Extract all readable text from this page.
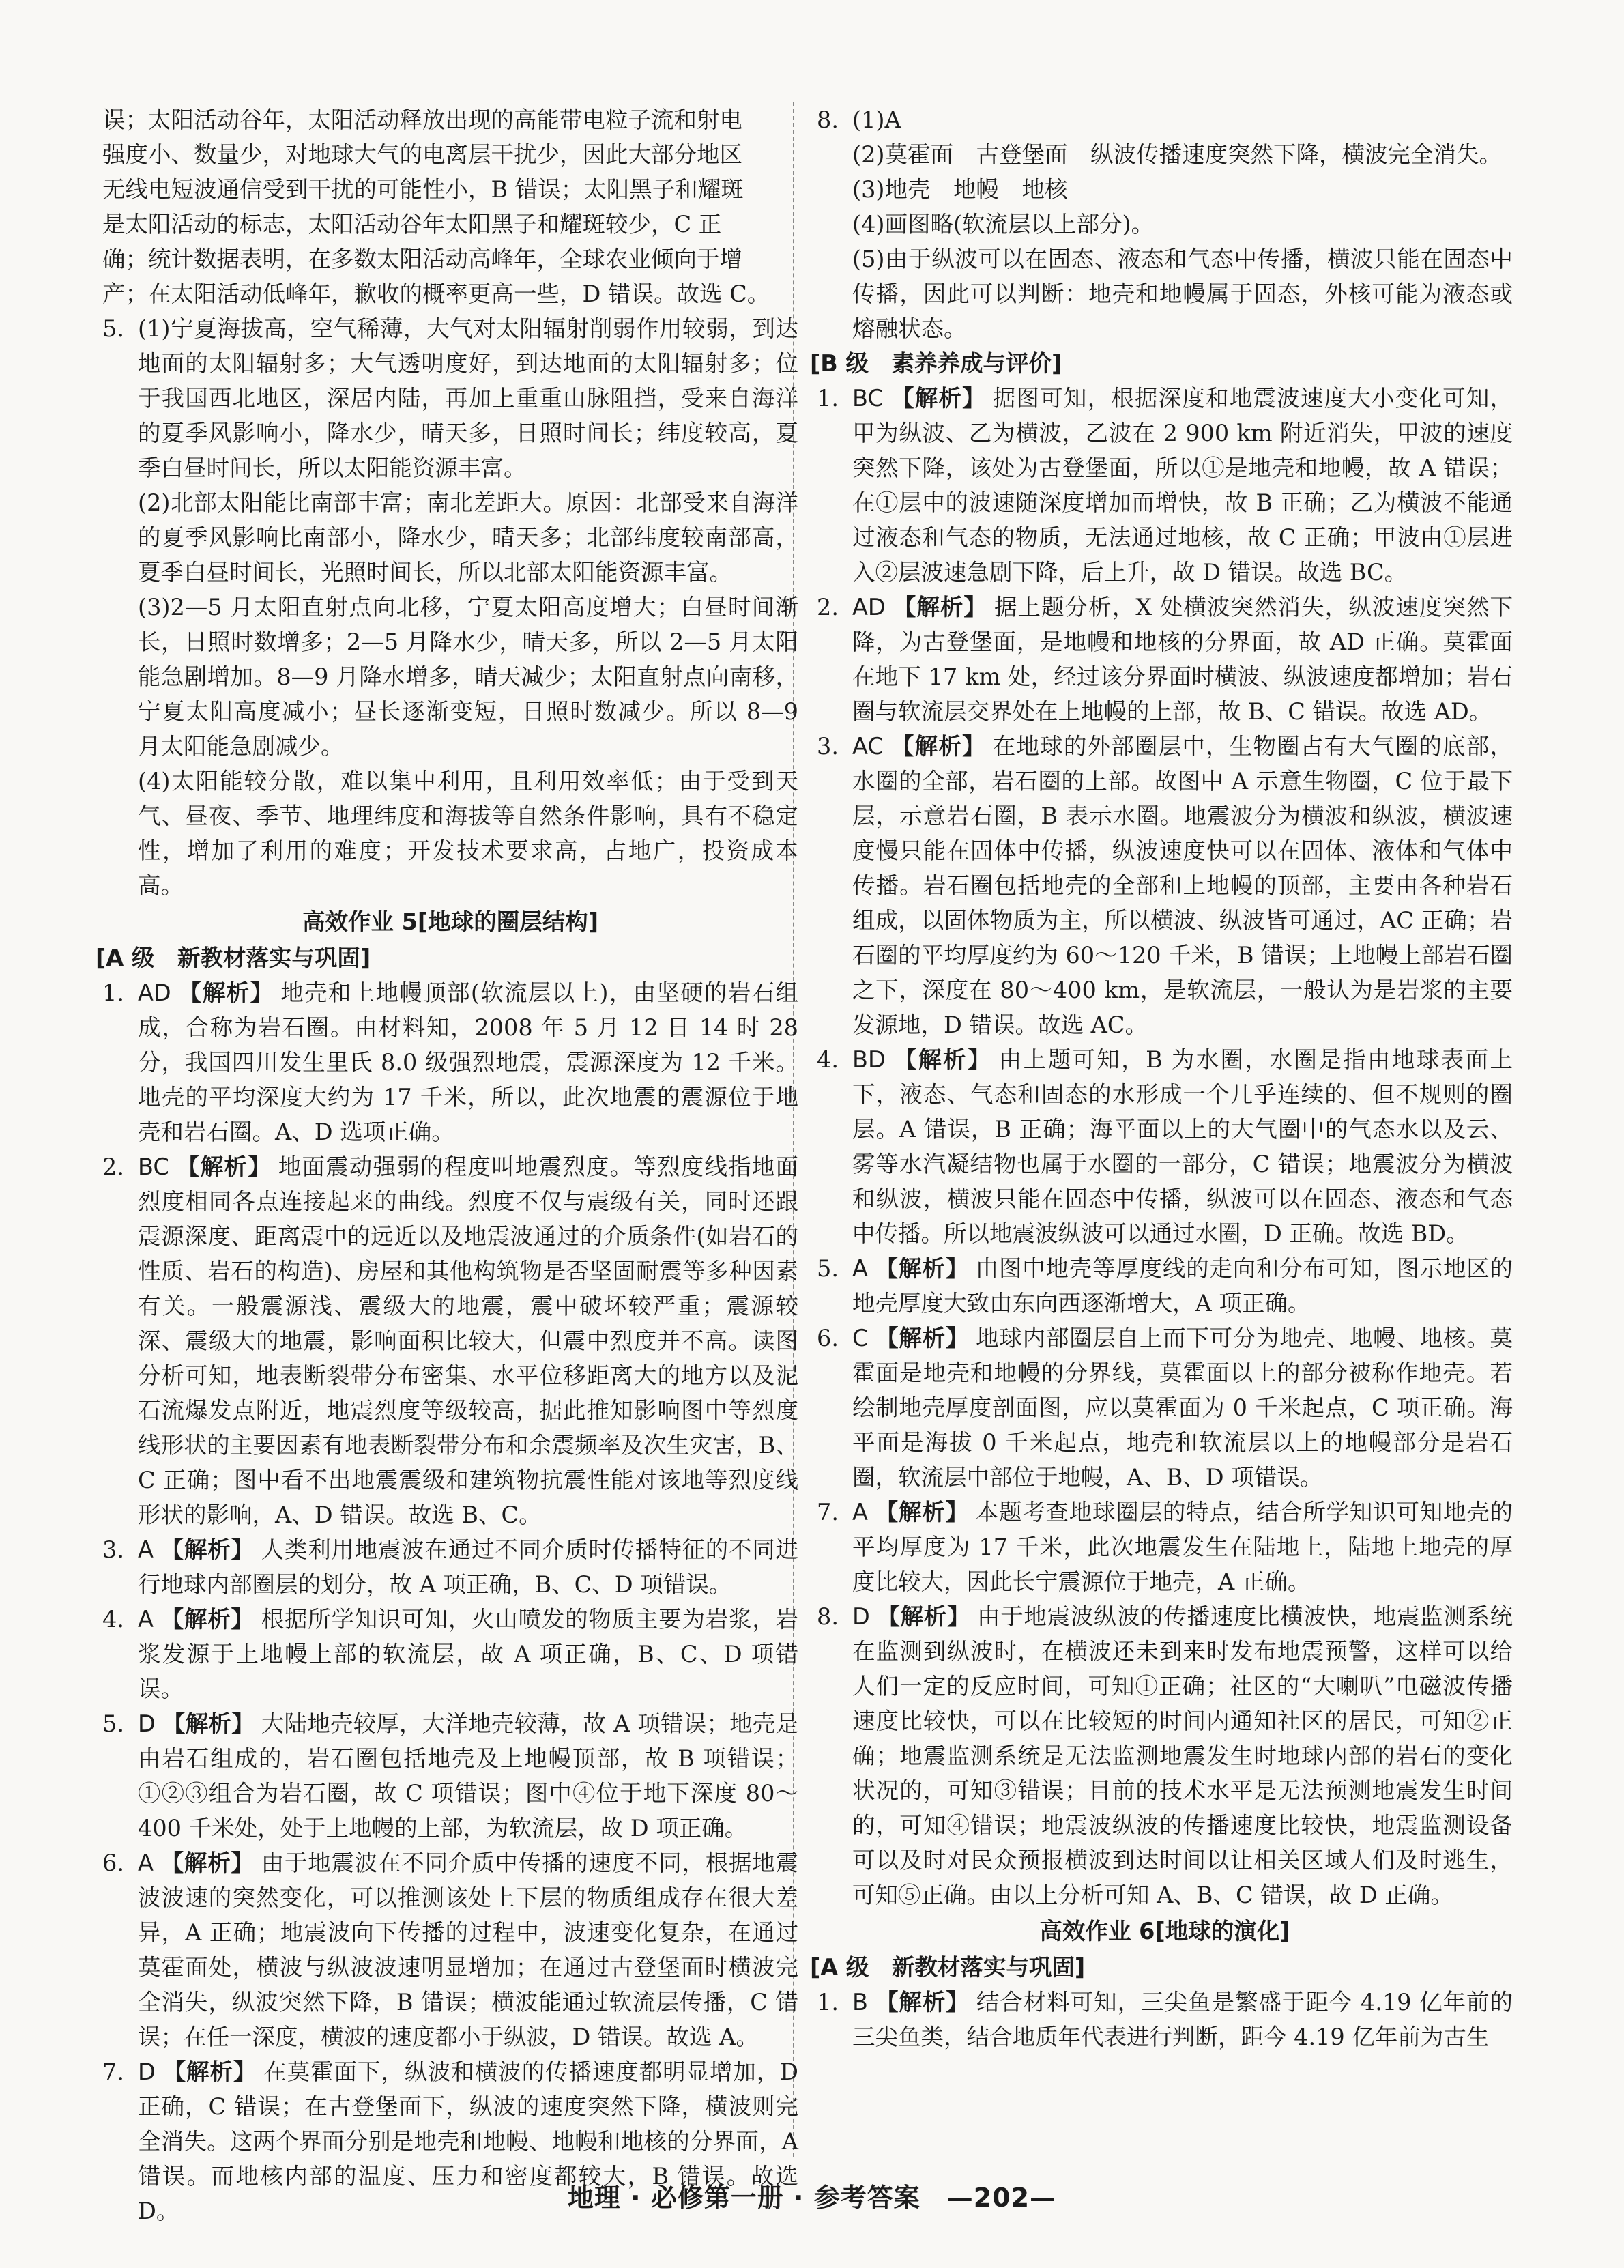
误；太阳活动谷年，太阳活动释放出现的高能带电粒子流和射电

强度小、数量少，对地球大气的电离层干扰少，因此大部分地区

无线电短波通信受到干扰的可能性小，B 错误；太阳黑子和耀斑

是太阳活动的标志，太阳活动谷年太阳黑子和耀斑较少，C 正

确；统计数据表明，在多数太阳活动高峰年，全球农业倾向于增

产；在太阳活动低峰年，歉收的概率更高一些，D 错误。故选 C。

5. (1)宁夏海拔高，空气稀薄，大气对太阳辐射削弱作用较弱，到达地面的太阳辐射多；大气透明度好，到达地面的太阳辐射多；位于我国西北地区，深居内陆，再加上重重山脉阻挡，受来自海洋的夏季风影响小，降水少，晴天多，日照时间长；纬度较高，夏季白昼时间长，所以太阳能资源丰富。
(2)北部太阳能比南部丰富；南北差距大。原因：北部受来自海洋的夏季风影响比南部小，降水少，晴天多；北部纬度较南部高，夏季白昼时间长，光照时间长，所以北部太阳能资源丰富。
(3)2—5 月太阳直射点向北移，宁夏太阳高度增大；白昼时间渐长，日照时数增多；2—5 月降水少，晴天多，所以 2—5 月太阳能急剧增加。8—9 月降水增多，晴天减少；太阳直射点向南移，宁夏太阳高度减小；昼长逐渐变短，日照时数减少。所以 8—9 月太阳能急剧减少。
(4)太阳能较分散，难以集中利用，且利用效率低；由于受到天气、昼夜、季节、地理纬度和海拔等自然条件影响，具有不稳定性，增加了利用的难度；开发技术要求高，占地广，投资成本高。
高效作业 5[地球的圈层结构]
[A 级　新教材落实与巩固]
1. AD 【解析】 地壳和上地幔顶部(软流层以上)，由坚硬的岩石组成，合称为岩石圈。由材料知，2008 年 5 月 12 日 14 时 28 分，我国四川发生里氏 8.0 级强烈地震，震源深度为 12 千米。地壳的平均深度大约为 17 千米，所以，此次地震的震源位于地壳和岩石圈。A、D 选项正确。
2. BC 【解析】 地面震动强弱的程度叫地震烈度。等烈度线指地面烈度相同各点连接起来的曲线。烈度不仅与震级有关，同时还跟震源深度、距离震中的远近以及地震波通过的介质条件(如岩石的性质、岩石的构造)、房屋和其他构筑物是否坚固耐震等多种因素有关。一般震源浅、震级大的地震，震中破坏较严重；震源较深、震级大的地震，影响面积比较大，但震中烈度并不高。读图分析可知，地表断裂带分布密集、水平位移距离大的地方以及泥石流爆发点附近，地震烈度等级较高，据此推知影响图中等烈度线形状的主要因素有地表断裂带分布和余震频率及次生灾害，B、C 正确；图中看不出地震震级和建筑物抗震性能对该地等烈度线形状的影响，A、D 错误。故选 B、C。
3. A 【解析】 人类利用地震波在通过不同介质时传播特征的不同进行地球内部圈层的划分，故 A 项正确，B、C、D 项错误。
4. A 【解析】 根据所学知识可知，火山喷发的物质主要为岩浆，岩浆发源于上地幔上部的软流层，故 A 项正确，B、C、D 项错误。
5. D 【解析】 大陆地壳较厚，大洋地壳较薄，故 A 项错误；地壳是由岩石组成的，岩石圈包括地壳及上地幔顶部，故 B 项错误；①②③组合为岩石圈，故 C 项错误；图中④位于地下深度 80～400 千米处，处于上地幔的上部，为软流层，故 D 项正确。
6. A 【解析】 由于地震波在不同介质中传播的速度不同，根据地震波波速的突然变化，可以推测该处上下层的物质组成存在很大差异，A 正确；地震波向下传播的过程中，波速变化复杂，在通过莫霍面处，横波与纵波波速明显增加；在通过古登堡面时横波完全消失，纵波突然下降，B 错误；横波能通过软流层传播，C 错误；在任一深度，横波的速度都小于纵波，D 错误。故选 A。
7. D 【解析】 在莫霍面下，纵波和横波的传播速度都明显增加，D 正确，C 错误；在古登堡面下，纵波的速度突然下降，横波则完全消失。这两个界面分别是地壳和地幔、地幔和地核的分界面，A 错误。而地核内部的温度、压力和密度都较大，B 错误。故选 D。
8. (1)A
(2)莫霍面　古登堡面　纵波传播速度突然下降，横波完全消失。
(3)地壳　地幔　地核
(4)画图略(软流层以上部分)。
(5)由于纵波可以在固态、液态和气态中传播，横波只能在固态中传播，因此可以判断：地壳和地幔属于固态，外核可能为液态或熔融状态。
[B 级　素养养成与评价]
1. BC 【解析】 据图可知，根据深度和地震波速度大小变化可知，甲为纵波、乙为横波，乙波在 2 900 km 附近消失，甲波的速度突然下降，该处为古登堡面，所以①是地壳和地幔，故 A 错误；在①层中的波速随深度增加而增快，故 B 正确；乙为横波不能通过液态和气态的物质，无法通过地核，故 C 正确；甲波由①层进入②层波速急剧下降，后上升，故 D 错误。故选 BC。
2. AD 【解析】 据上题分析，X 处横波突然消失，纵波速度突然下降，为古登堡面，是地幔和地核的分界面，故 AD 正确。莫霍面在地下 17 km 处，经过该分界面时横波、纵波速度都增加；岩石圈与软流层交界处在上地幔的上部，故 B、C 错误。故选 AD。
3. AC 【解析】 在地球的外部圈层中，生物圈占有大气圈的底部，水圈的全部，岩石圈的上部。故图中 A 示意生物圈，C 位于最下层，示意岩石圈，B 表示水圈。地震波分为横波和纵波，横波速度慢只能在固体中传播，纵波速度快可以在固体、液体和气体中传播。岩石圈包括地壳的全部和上地幔的顶部，主要由各种岩石组成，以固体物质为主，所以横波、纵波皆可通过，AC 正确；岩石圈的平均厚度约为 60～120 千米，B 错误；上地幔上部岩石圈之下，深度在 80～400 km，是软流层，一般认为是岩浆的主要发源地，D 错误。故选 AC。
4. BD 【解析】 由上题可知，B 为水圈，水圈是指由地球表面上下，液态、气态和固态的水形成一个几乎连续的、但不规则的圈层。A 错误，B 正确；海平面以上的大气圈中的气态水以及云、雾等水汽凝结物也属于水圈的一部分，C 错误；地震波分为横波和纵波，横波只能在固态中传播，纵波可以在固态、液态和气态中传播。所以地震波纵波可以通过水圈，D 正确。故选 BD。
5. A 【解析】 由图中地壳等厚度线的走向和分布可知，图示地区的地壳厚度大致由东向西逐渐增大，A 项正确。
6. C 【解析】 地球内部圈层自上而下可分为地壳、地幔、地核。莫霍面是地壳和地幔的分界线，莫霍面以上的部分被称作地壳。若绘制地壳厚度剖面图，应以莫霍面为 0 千米起点，C 项正确。海平面是海拔 0 千米起点，地壳和软流层以上的地幔部分是岩石圈，软流层中部位于地幔，A、B、D 项错误。
7. A 【解析】 本题考查地球圈层的特点，结合所学知识可知地壳的平均厚度为 17 千米，此次地震发生在陆地上，陆地上地壳的厚度比较大，因此长宁震源位于地壳，A 正确。
8. D 【解析】 由于地震波纵波的传播速度比横波快，地震监测系统在监测到纵波时，在横波还未到来时发布地震预警，这样可以给人们一定的反应时间，可知①正确；社区的“大喇叭”电磁波传播速度比较快，可以在比较短的时间内通知社区的居民，可知②正确；地震监测系统是无法监测地震发生时地球内部的岩石的变化状况的，可知③错误；目前的技术水平是无法预测地震发生时间的，可知④错误；地震波纵波的传播速度比较快，地震监测设备可以及时对民众预报横波到达时间以让相关区域人们及时逃生，可知⑤正确。由以上分析可知 A、B、C 错误，故 D 正确。
高效作业 6[地球的演化]
[A 级　新教材落实与巩固]
1. B 【解析】 结合材料可知，三尖鱼是繁盛于距今 4.19 亿年前的三尖鱼类，结合地质年代表进行判断，距今 4.19 亿年前为古生
地理 · 必修第一册 · 参考答案　—202—
